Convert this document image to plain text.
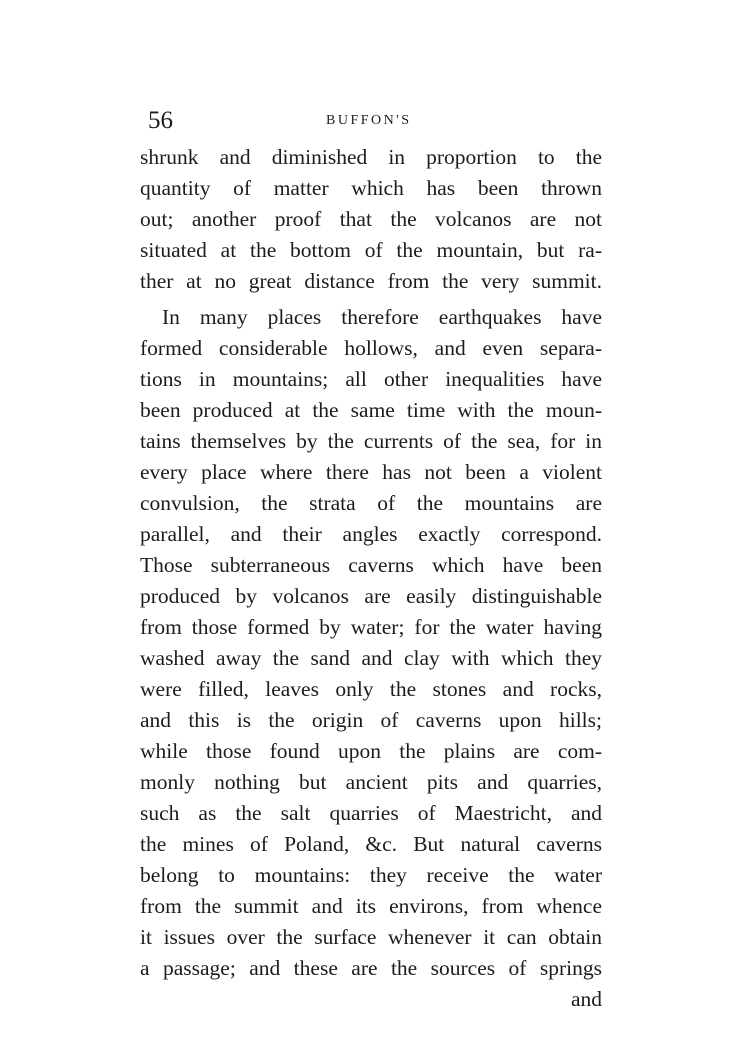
56	BUFFON'S
shrunk and diminished in proportion to the
quantity of matter which has been thrown
out; another proof that the volcanos are not
situated at the bottom of the mountain, but ra-
ther at no great distance from the very summit.
In many places therefore earthquakes have
formed considerable hollows, and even separa-
tions in mountains; all other inequalities have
been produced at the same time with the moun-
tains themselves by the currents of the sea, for in
every place where there has not been a violent
convulsion, the strata of the mountains are
parallel, and their angles exactly correspond.
Those subterraneous caverns which have been
produced by volcanos are easily distinguishable
from those formed by water; for the water having
washed away the sand and clay with which they
were filled, leaves only the stones and rocks,
and this is the origin of caverns upon hills;
while those found upon the plains are com-
monly nothing but ancient pits and quarries,
such as the salt quarries of Maestricht, and
the mines of Poland, &c. But natural caverns
belong to mountains: they receive the water
from the summit and its environs, from whence
it issues over the surface whenever it can obtain
a passage; and these are the sources of springs
and
